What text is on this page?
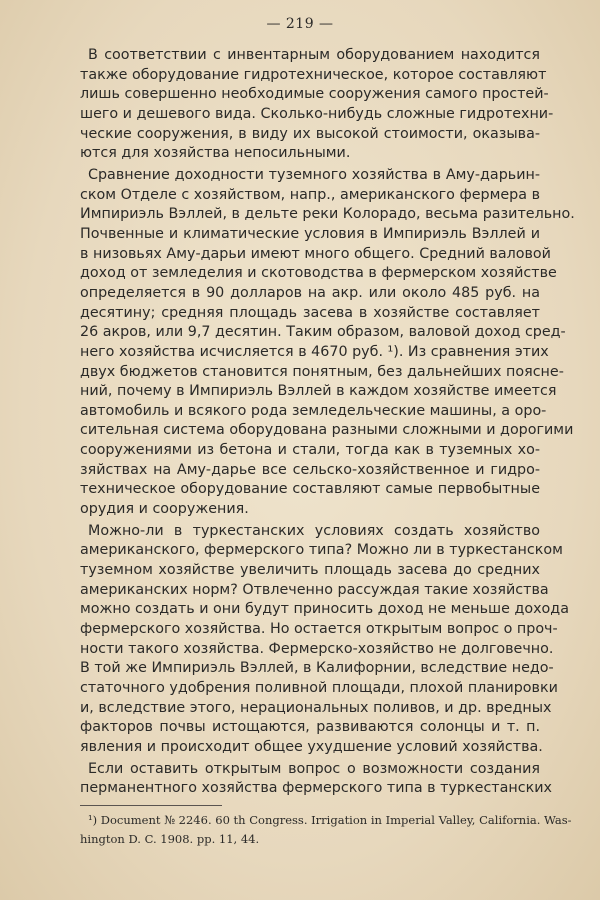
— 219 —
В соответствии с инвентарным оборудованием находится
также оборудование гидротехническое, которое составляют
лишь совершенно необходимые сооружения самого простей-
шего и дешевого вида. Сколько-нибудь сложные гидротехни-
ческие сооружения, в виду их высокой стоимости, оказыва-
ются для хозяйства непосильными.
Сравнение доходности туземного хозяйства в Аму-дарьин-
ском Отделе с хозяйством, напр., американского фермера в
Импириэль Вэллей, в дельте реки Колорадо, весьма разительно.
Почвенные и климатические условия в Импириэль Вэллей и
в низовьях Аму-дарьи имеют много общего. Средний валовой
доход от земледелия и скотоводства в фермерском хозяйстве
определяется в 90 долларов на акр. или около 485 руб. на
десятину; средняя площадь засева в хозяйстве составляет
26 акров, или 9,7 десятин. Таким образом, валовой доход сред-
него хозяйства исчисляется в 4670 руб. ¹). Из сравнения этих
двух бюджетов становится понятным, без дальнейших поясне-
ний, почему в Импириэль Вэллей в каждом хозяйстве имеется
автомобиль и всякого рода земледельческие машины, а оро-
сительная система оборудована разными сложными и дорогими
сооружениями из бетона и стали, тогда как в туземных хо-
зяйствах на Аму-дарье все сельско-хозяйственное и гидро-
техническое оборудование составляют самые первобытные
орудия и сооружения.
Можно-ли в туркестанских условиях создать хозяйство
американского, фермерского типа? Можно ли в туркестанском
туземном хозяйстве увеличить площадь засева до средних
американских норм? Отвлеченно рассуждая такие хозяйства
можно создать и они будут приносить доход не меньше дохода
фермерского хозяйства. Но остается открытым вопрос о проч-
ности такого хозяйства. Фермерско-хозяйство не долговечно.
В той же Импириэль Вэллей, в Калифорнии, вследствие недо-
статочного удобрения поливной площади, плохой планировки
и, вследствие этого, нерациональных поливов, и др. вредных
факторов почвы истощаются, развиваются солонцы и т. п.
явления и происходит общее ухудшение условий хозяйства.
Если оставить открытым вопрос о возможности создания
перманентного хозяйства фермерского типа в туркестанских
¹) Document № 2246. 60 th Congress. Irrigation in Imperial Valley, California. Was-
hington D. C. 1908. pp. 11, 44.
